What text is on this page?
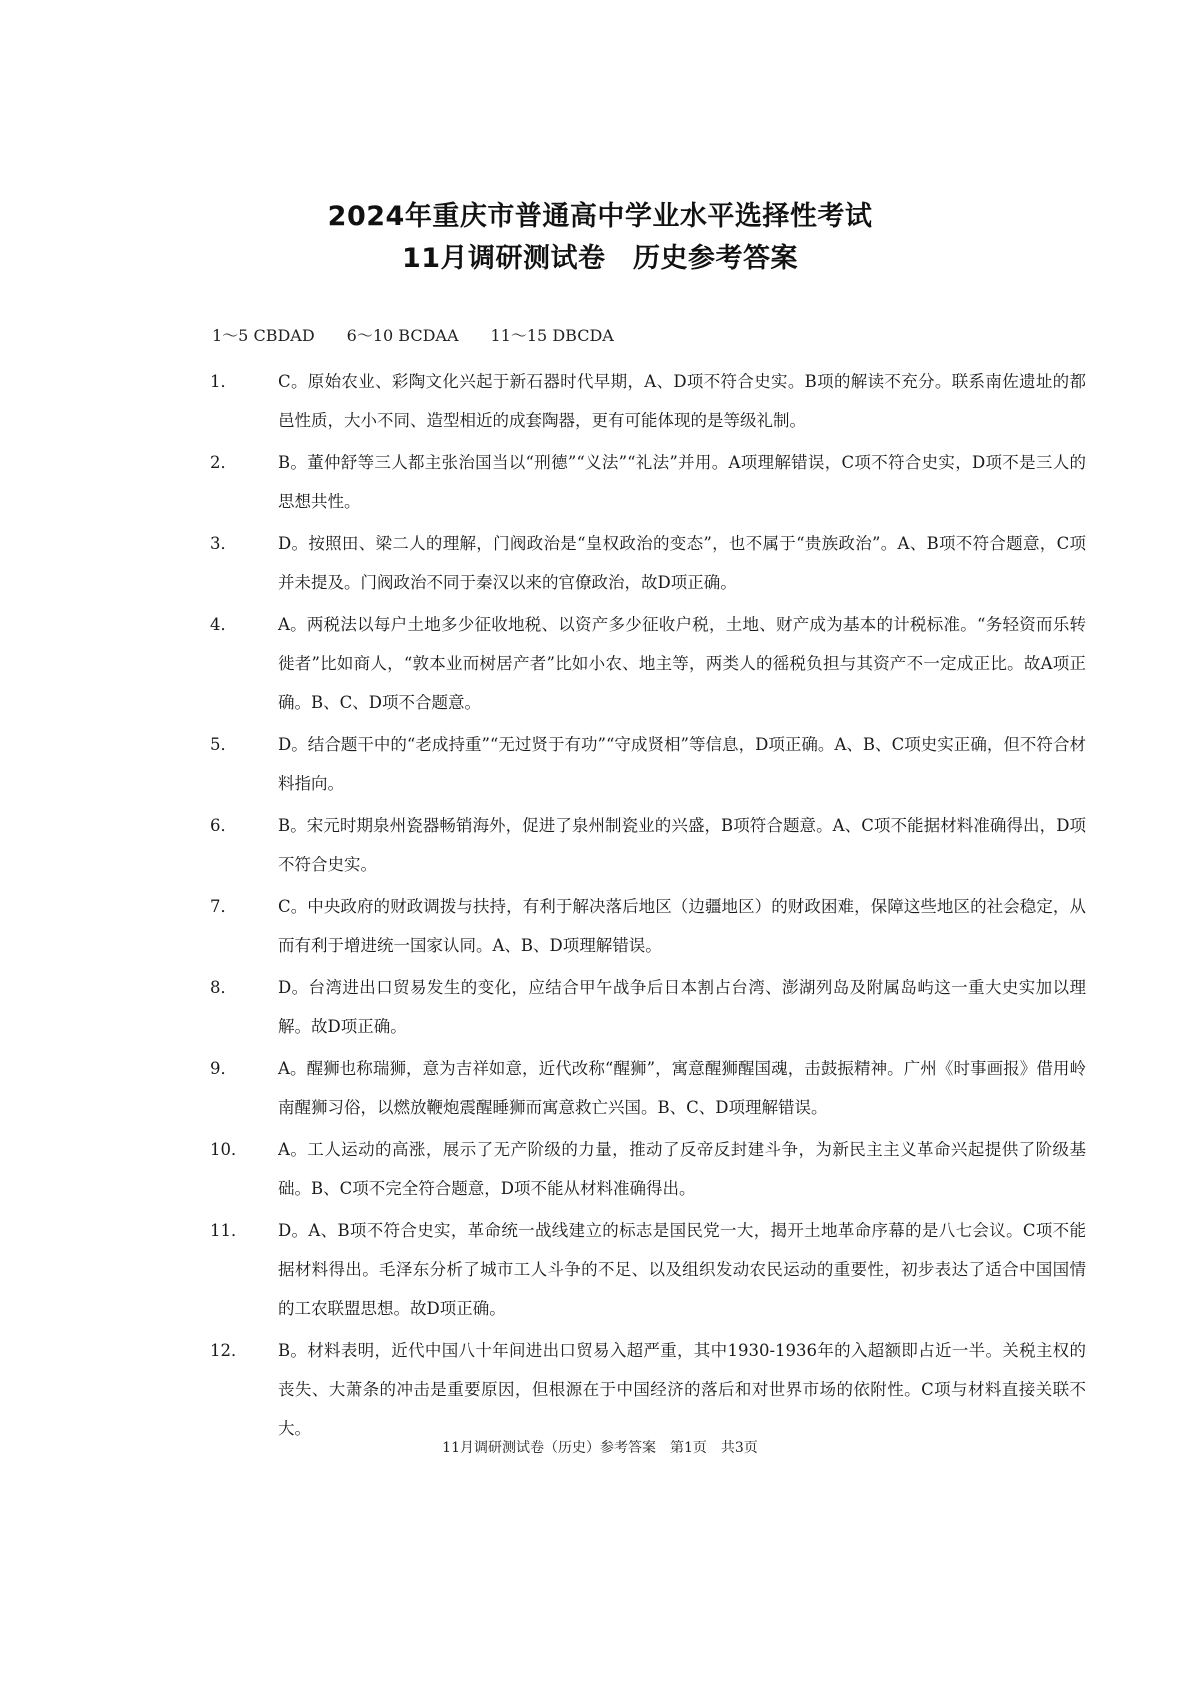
2024年重庆市普通高中学业水平选择性考试
11月调研测试卷　历史参考答案
1～5 CBDAD　　6～10 BCDAA　　11～15 DBCDA
1．	C。原始农业、彩陶文化兴起于新石器时代早期，A、D项不符合史实。B项的解读不充分。联系南佐遗址的都邑性质，大小不同、造型相近的成套陶器，更有可能体现的是等级礼制。
2．	B。董仲舒等三人都主张治国当以“刑德”“义法”“礼法”并用。A项理解错误，C项不符合史实，D项不是三人的思想共性。
3．	D。按照田、梁二人的理解，门阀政治是“皇权政治的变态”，也不属于“贵族政治”。A、B项不符合题意，C项并未提及。门阀政治不同于秦汉以来的官僚政治，故D项正确。
4．	A。两税法以每户土地多少征收地税、以资产多少征收户税，土地、财产成为基本的计税标准。“务轻资而乐转徙者”比如商人，“敦本业而树居产者”比如小农、地主等，两类人的徭税负担与其资产不一定成正比。故A项正确。B、C、D项不合题意。
5．	D。结合题干中的“老成持重”“无过贤于有功”“守成贤相”等信息，D项正确。A、B、C项史实正确，但不符合材料指向。
6．	B。宋元时期泉州瓷器畅销海外，促进了泉州制瓷业的兴盛，B项符合题意。A、C项不能据材料准确得出，D项不符合史实。
7．	C。中央政府的财政调拨与扶持，有利于解决落后地区（边疆地区）的财政困难，保障这些地区的社会稳定，从而有利于增进统一国家认同。A、B、D项理解错误。
8．	D。台湾进出口贸易发生的变化，应结合甲午战争后日本割占台湾、澎湖列岛及附属岛屿这一重大史实加以理解。故D项正确。
9．	A。醒狮也称瑞狮，意为吉祥如意，近代改称“醒狮”，寓意醒狮醒国魂，击鼓振精神。广州《时事画报》借用岭南醒狮习俗，以燃放鞭炮震醒睡狮而寓意救亡兴国。B、C、D项理解错误。
10．	A。工人运动的高涨，展示了无产阶级的力量，推动了反帝反封建斗争，为新民主主义革命兴起提供了阶级基础。B、C项不完全符合题意，D项不能从材料准确得出。
11．	D。A、B项不符合史实，革命统一战线建立的标志是国民党一大，揭开土地革命序幕的是八七会议。C项不能据材料得出。毛泽东分析了城市工人斗争的不足、以及组织发动农民运动的重要性，初步表达了适合中国国情的工农联盟思想。故D项正确。
12．	B。材料表明，近代中国八十年间进出口贸易入超严重，其中1930-1936年的入超额即占近一半。关税主权的丧失、大萧条的冲击是重要原因，但根源在于中国经济的落后和对世界市场的依附性。C项与材料直接关联不大。
11月调研测试卷（历史）参考答案　第1页　共3页
